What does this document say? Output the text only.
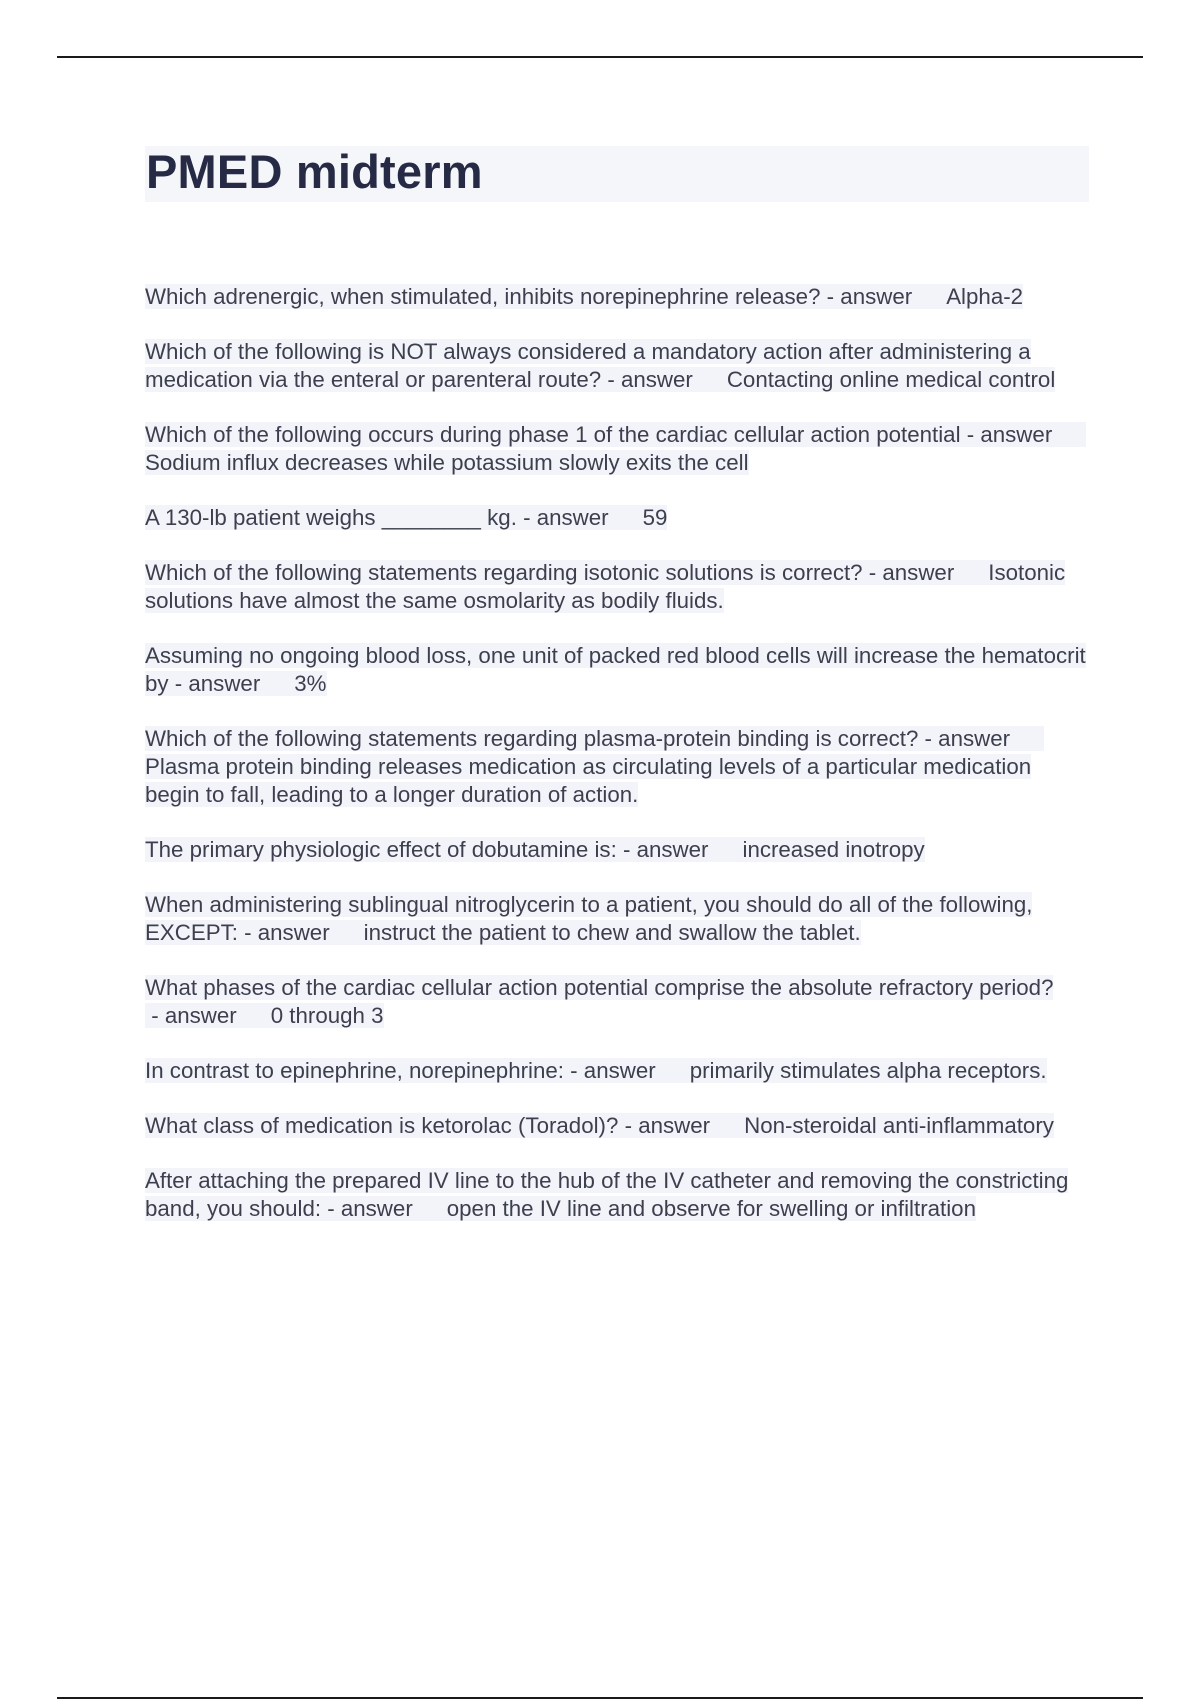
PMED midterm

Which adrenergic, when stimulated, inhibits norepinephrine release? - answer Alpha-2

Which of the following is NOT always considered a mandatory action after administering a medication via the enteral or parenteral route? - answer Contacting online medical control

Which of the following occurs during phase 1 of the cardiac cellular action potential - answerSodium influx decreases while potassium slowly exits the cell

A 130-lb patient weighs ________ kg. - answer 59

Which of the following statements regarding isotonic solutions is correct? - answer Isotonic solutions have almost the same osmolarity as bodily fluids.

Assuming no ongoing blood loss, one unit of packed red blood cells will increase the hematocrit by - answer 3%

Which of the following statements regarding plasma-protein binding is correct? - answerPlasma protein binding releases medication as circulating levels of a particular medication begin to fall, leading to a longer duration of action.

The primary physiologic effect of dobutamine is: - answer increased inotropy

When administering sublingual nitroglycerin to a patient, you should do all of the following, EXCEPT: - answer instruct the patient to chew and swallow the tablet.

What phases of the cardiac cellular action potential comprise the absolute refractory period? - answer 0 through 3

In contrast to epinephrine, norepinephrine: - answer primarily stimulates alpha receptors.

What class of medication is ketorolac (Toradol)? - answer Non-steroidal anti-inflammatory

After attaching the prepared IV line to the hub of the IV catheter and removing the constricting band, you should: - answer open the IV line and observe for swelling or infiltration
